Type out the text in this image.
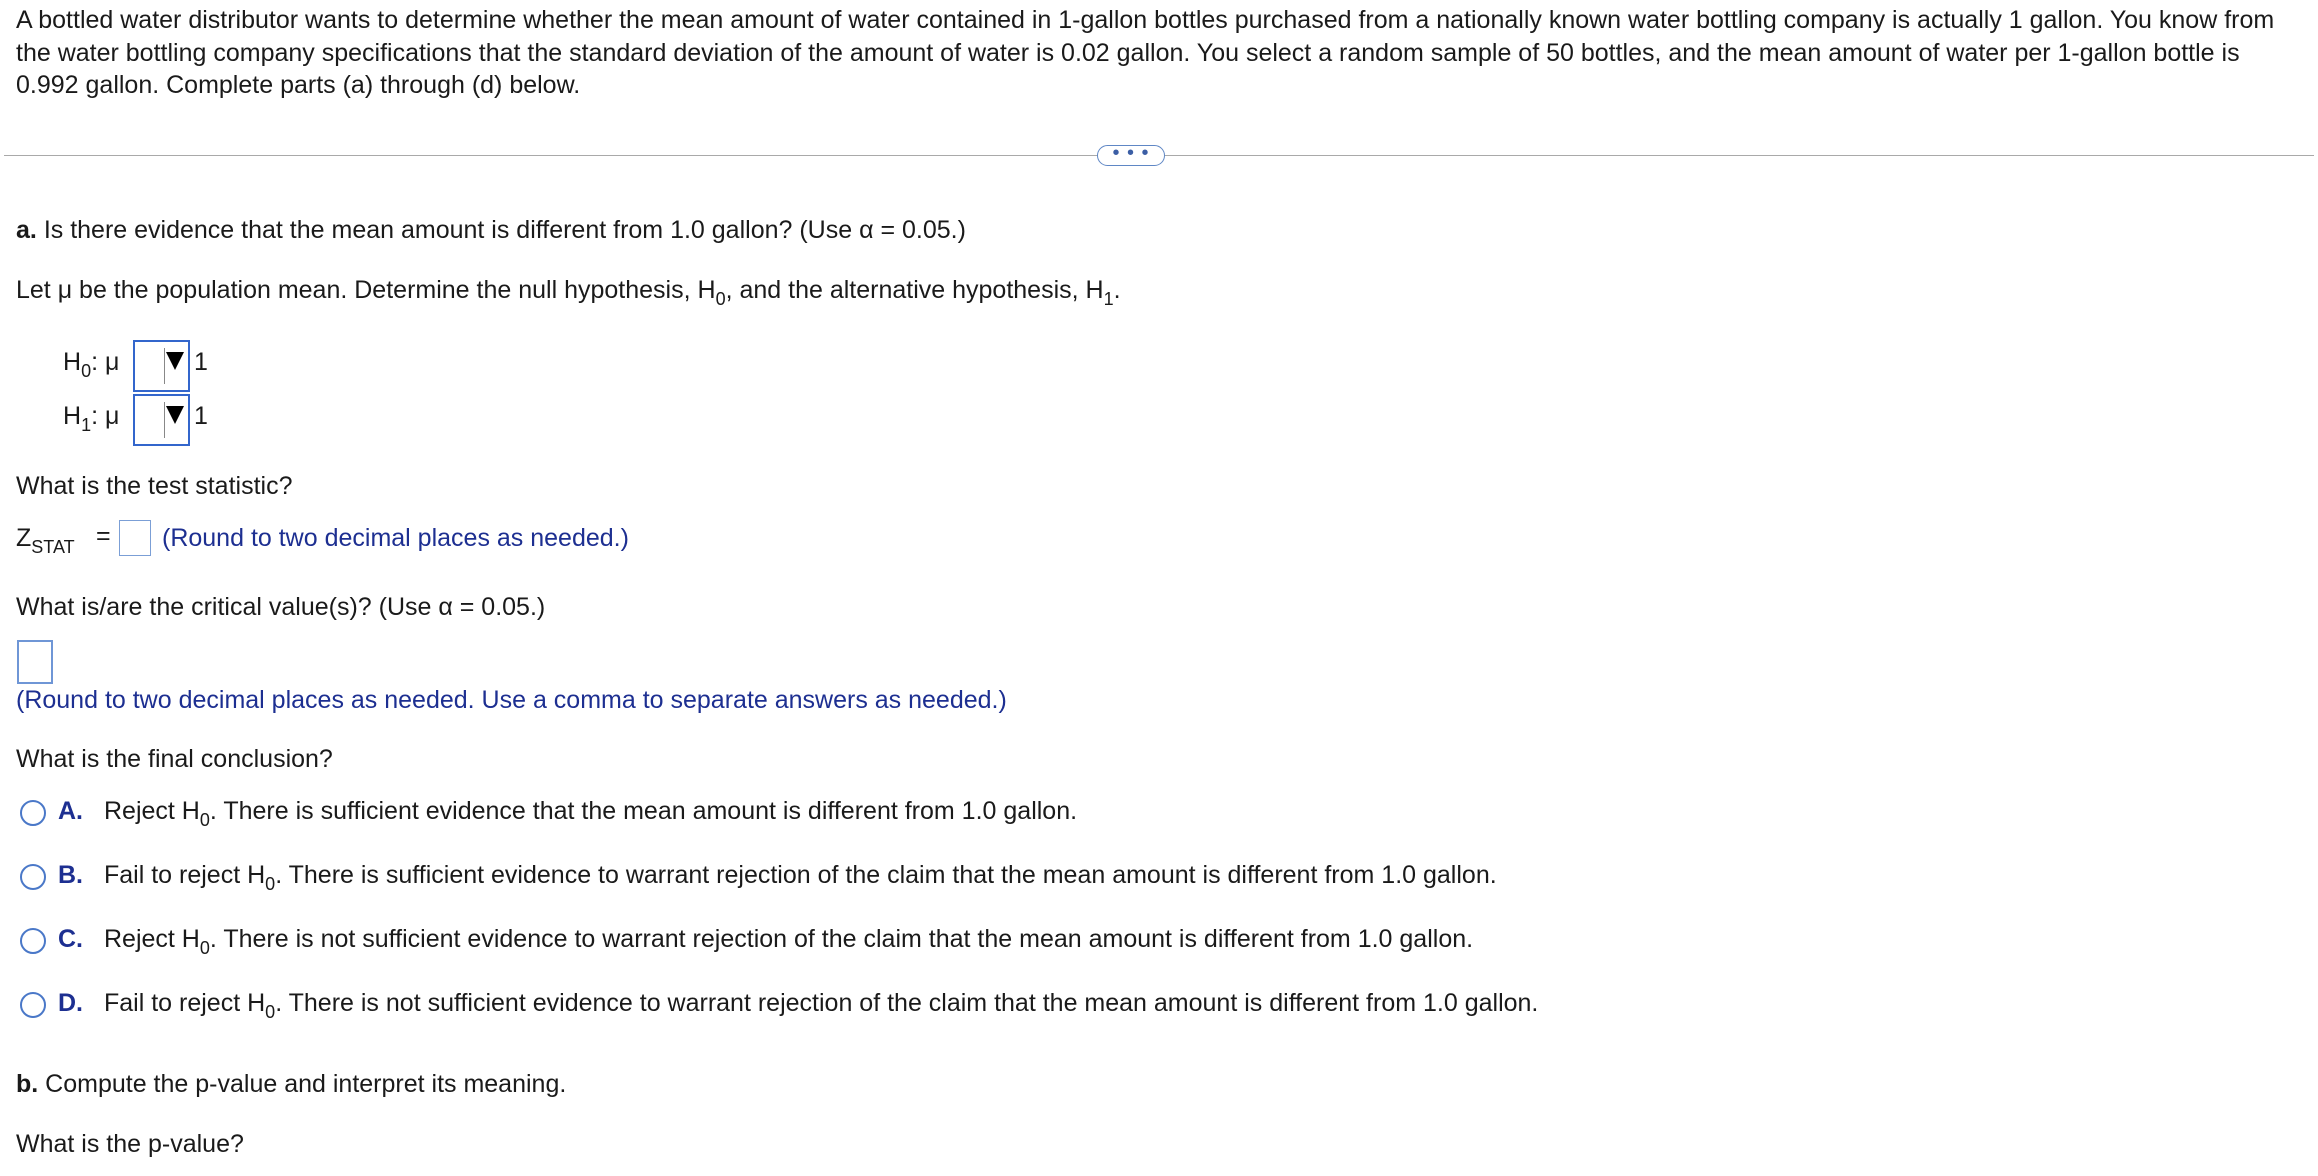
A bottled water distributor wants to determine whether the mean amount of water contained in 1-gallon bottles purchased from a nationally known water bottling company is actually 1 gallon. You know from the water bottling company specifications that the standard deviation of the amount of water is 0.02 gallon. You select a random sample of 50 bottles, and the mean amount of water per 1-gallon bottle is 0.992 gallon. Complete parts (a) through (d) below.
• • •
a. Is there evidence that the mean amount is different from 1.0 gallon? (Use α = 0.05.)
Let μ be the population mean. Determine the null hypothesis, $H_0$, and the alternative hypothesis, $H_1$.
$H_0$: μ	1
$H_1$: μ	1
What is the test statistic?
$Z_{STAT}$ = (Round to two decimal places as needed.)
What is/are the critical value(s)? (Use α = 0.05.)
(Round to two decimal places as needed. Use a comma to separate answers as needed.)
What is the final conclusion?
A. Reject $H_0$. There is sufficient evidence that the mean amount is different from 1.0 gallon.
B. Fail to reject $H_0$. There is sufficient evidence to warrant rejection of the claim that the mean amount is different from 1.0 gallon.
C. Reject $H_0$. There is not sufficient evidence to warrant rejection of the claim that the mean amount is different from 1.0 gallon.
D. Fail to reject $H_0$. There is not sufficient evidence to warrant rejection of the claim that the mean amount is different from 1.0 gallon.
b. Compute the p-value and interpret its meaning.
What is the p-value?
